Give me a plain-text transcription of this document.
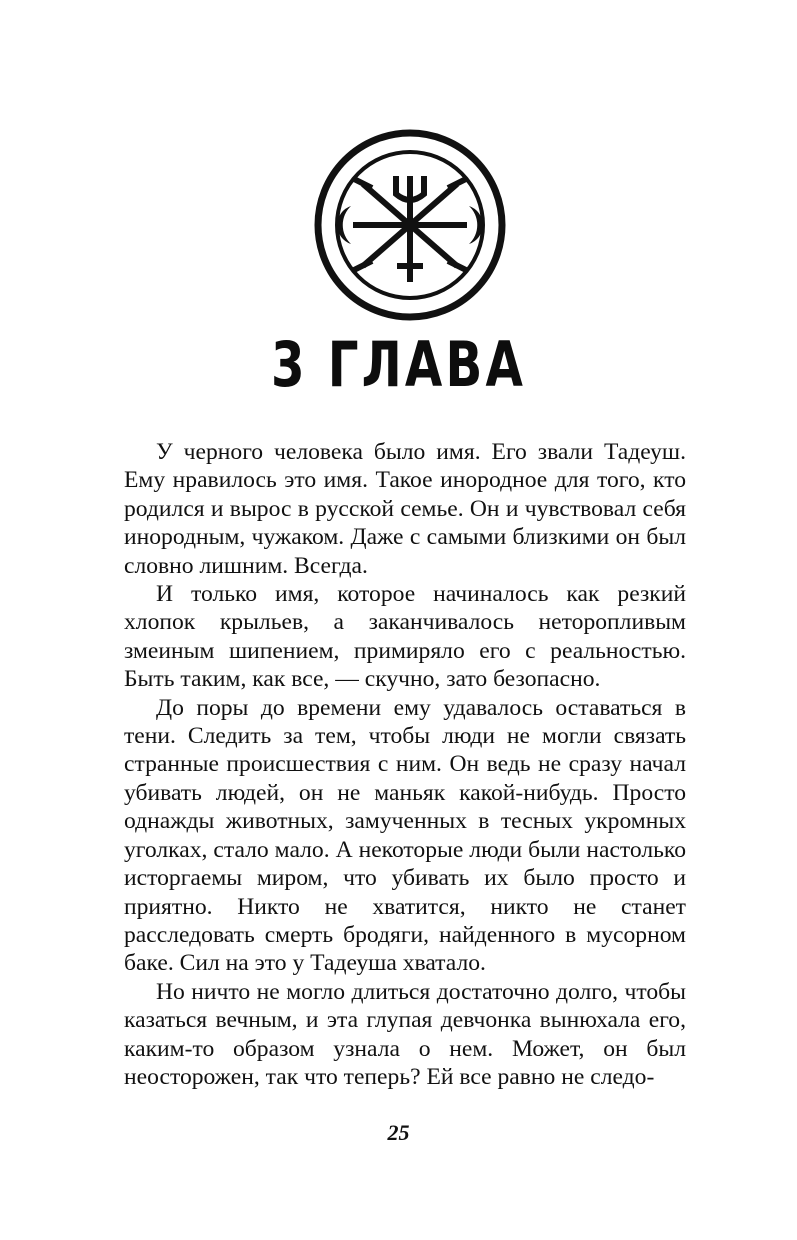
3 ГЛАВА

У черного человека было имя. Его звали Тадеуш. Ему нравилось это имя. Такое инородное для того, кто родился и вырос в русской семье. Он и чувствовал себя инородным, чужаком. Даже с самыми близкими он был словно лишним. Всегда.

И только имя, которое начиналось как резкий хлопок крыльев, а заканчивалось неторопливым змеиным шипением, примиряло его с реальностью. Быть таким, как все, — скучно, зато безопасно.

До поры до времени ему удавалось оставаться в тени. Следить за тем, чтобы люди не могли связать странные происшествия с ним. Он ведь не сразу начал убивать людей, он не маньяк какой-нибудь. Просто однажды животных, замученных в тесных укромных уголках, стало мало. А некоторые люди были настолько исторгаемы миром, что убивать их было просто и приятно. Никто не хватится, никто не станет расследовать смерть бродяги, найденного в мусорном баке. Сил на это у Тадеуша хватало.

Но ничто не могло длиться достаточно долго, чтобы казаться вечным, и эта глупая девчонка вынюхала его, каким-то образом узнала о нем. Может, он был неосторожен, так что теперь? Ей все равно не следо-

25
